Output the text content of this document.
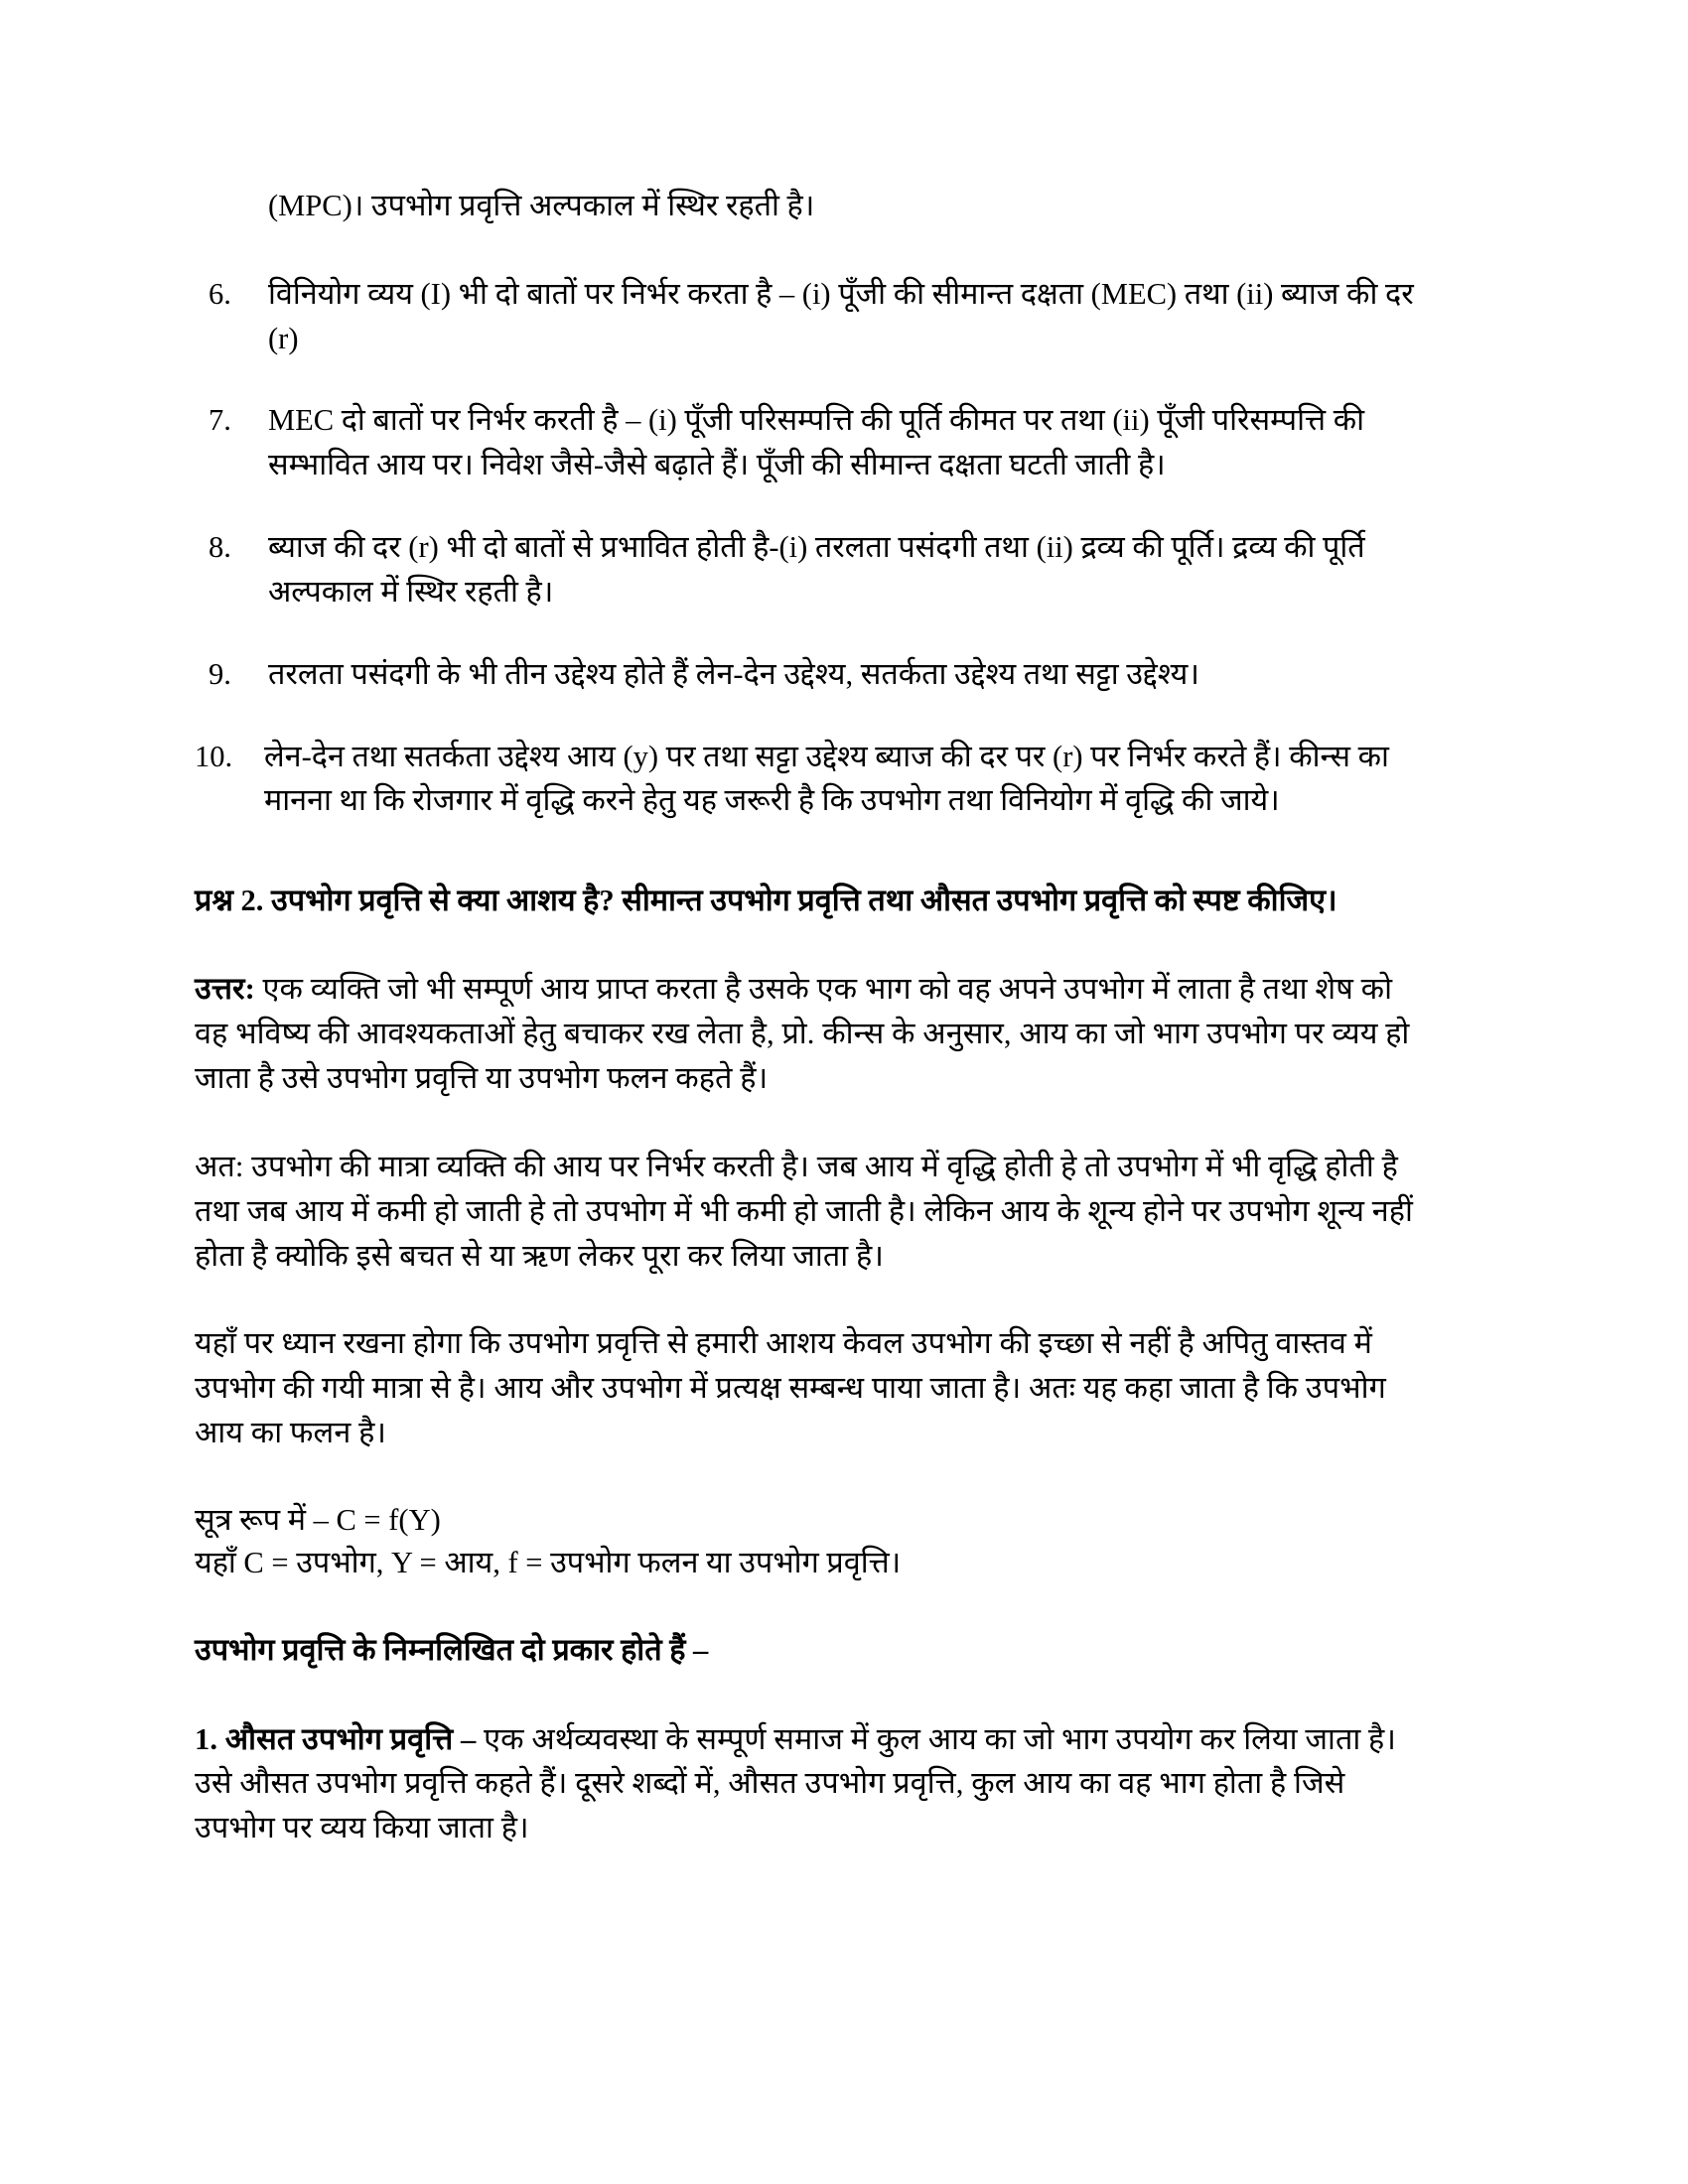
(MPC)। उपभोग प्रवृत्ति अल्पकाल में स्थिर रहती है।

6.	विनियोग व्यय (I) भी दो बातों पर निर्भर करता है – (i) पूँजी की सीमान्त दक्षता (MEC) तथा (ii) ब्याज की दर (r)
7.	MEC दो बातों पर निर्भर करती है – (i) पूँजी परिसम्पत्ति की पूर्ति कीमत पर तथा (ii) पूँजी परिसम्पत्ति की सम्भावित आय पर। निवेश जैसे-जैसे बढ़ाते हैं। पूँजी की सीमान्त दक्षता घटती जाती है।
8.	ब्याज की दर (r) भी दो बातों से प्रभावित होती है-(i) तरलता पसंदगी तथा (ii) द्रव्य की पूर्ति। द्रव्य की पूर्ति अल्पकाल में स्थिर रहती है।
9.	तरलता पसंदगी के भी तीन उद्देश्य होते हैं लेन-देन उद्देश्य, सतर्कता उद्देश्य तथा सट्टा उद्देश्य।
10.	लेन-देन तथा सतर्कता उद्देश्य आय (y) पर तथा सट्टा उद्देश्य ब्याज की दर पर (r) पर निर्भर करते हैं। कीन्स का मानना था कि रोजगार में वृद्धि करने हेतु यह जरूरी है कि उपभोग तथा विनियोग में वृद्धि की जाये।

प्रश्न 2. उपभोग प्रवृत्ति से क्या आशय है? सीमान्त उपभोग प्रवृत्ति तथा औसत उपभोग प्रवृत्ति को स्पष्ट कीजिए।

उत्तर: एक व्यक्ति जो भी सम्पूर्ण आय प्राप्त करता है उसके एक भाग को वह अपने उपभोग में लाता है तथा शेष को वह भविष्य की आवश्यकताओं हेतु बचाकर रख लेता है, प्रो. कीन्स के अनुसार, आय का जो भाग उपभोग पर व्यय हो जाता है उसे उपभोग प्रवृत्ति या उपभोग फलन कहते हैं।

अत: उपभोग की मात्रा व्यक्ति की आय पर निर्भर करती है। जब आय में वृद्धि होती हे तो उपभोग में भी वृद्धि होती है तथा जब आय में कमी हो जाती हे तो उपभोग में भी कमी हो जाती है। लेकिन आय के शून्य होने पर उपभोग शून्य नहीं होता है क्योकि इसे बचत से या ऋण लेकर पूरा कर लिया जाता है।

यहाँ पर ध्यान रखना होगा कि उपभोग प्रवृत्ति से हमारी आशय केवल उपभोग की इच्छा से नहीं है अपितु वास्तव में उपभोग की गयी मात्रा से है। आय और उपभोग में प्रत्यक्ष सम्बन्ध पाया जाता है। अतः यह कहा जाता है कि उपभोग आय का फलन है।

सूत्र रूप में – C = f(Y)

यहाँ C = उपभोग, Y = आय, f = उपभोग फलन या उपभोग प्रवृत्ति।

उपभोग प्रवृत्ति के निम्नलिखित दो प्रकार होते हैं –

1. औसत उपभोग प्रवृत्ति – एक अर्थव्यवस्था के सम्पूर्ण समाज में कुल आय का जो भाग उपयोग कर लिया जाता है। उसे औसत उपभोग प्रवृत्ति कहते हैं। दूसरे शब्दों में, औसत उपभोग प्रवृत्ति, कुल आय का वह भाग होता है जिसे उपभोग पर व्यय किया जाता है।
